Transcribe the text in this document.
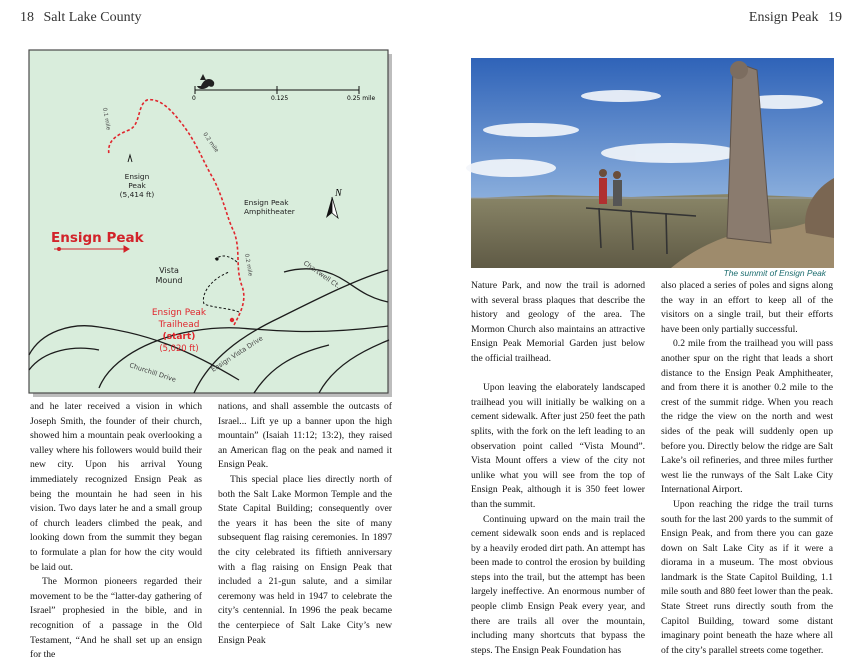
18 Salt Lake County	Ensign Peak 19
0	0.125	0.25 mile
N
Ensign Peak
Ensign
Peak
(5,414 ft)
Ensign Peak
Amphitheater
Vista
Mound
Ensign Peak
Trailhead
(start)
(5,020 ft)
0.1 mile
0.2 mile
0.2 mile	Chartwell Ct.
Ensign Vista Drive
Churchill Drive
The summit of Ensign Peak

and he later received a vision in which Joseph Smith, the founder of their church, showed him a mountain peak overlooking a valley where his followers would build their new city. Upon his arrival Young immediately recognized Ensign Peak as being the mountain he had seen in his vision. Two days later he and a small group of church leaders climbed the peak, and looking down from the summit they began to formulate a plan for how the city would be laid out.

The Mormon pioneers regarded their movement to be the “latter-day gathering of Israel” prophesied in the bible, and in recognition of a passage in the Old Testament, “And he shall set up an ensign for the

nations, and shall assemble the outcasts of Israel... Lift ye up a banner upon the high mountain” (Isaiah 11:12; 13:2), they raised an American flag on the peak and named it Ensign Peak.

This special place lies directly north of both the Salt Lake Mormon Temple and the State Capital Building; consequently over the years it has been the site of many subsequent flag raising ceremonies. In 1897 the city celebrated its fiftieth anniversary with a flag raising on Ensign Peak that included a 21-gun salute, and a similar ceremony was held in 1947 to celebrate the city’s centennial. In 1996 the peak became the centerpiece of Salt Lake City’s new Ensign Peak

Nature Park, and now the trail is adorned with several brass plaques that describe the history and geology of the area. The Mormon Church also maintains an attractive Ensign Peak Memorial Garden just below the official trailhead.

Upon leaving the elaborately landscaped trailhead you will initially be walking on a cement sidewalk. After just 250 feet the path splits, with the fork on the left leading to an observation point called “Vista Mound”. Vista Mount offers a view of the city not unlike what you will see from the top of Ensign Peak, although it is 350 feet lower than the summit.

Continuing upward on the main trail the cement sidewalk soon ends and is replaced by a heavily eroded dirt path. An attempt has been made to control the erosion by building steps into the trail, but the attempt has been largely ineffective. An enormous number of people climb Ensign Peak every year, and there are trails all over the mountain, including many shortcuts that bypass the steps. The Ensign Peak Foundation has

also placed a series of poles and signs along the way in an effort to keep all of the visitors on a single trail, but their efforts have been only partially successful.

0.2 mile from the trailhead you will pass another spur on the right that leads a short distance to the Ensign Peak Amphitheater, and from there it is another 0.2 mile to the crest of the summit ridge. When you reach the ridge the view on the north and west sides of the peak will suddenly open up before you. Directly below the ridge are Salt Lake’s oil refineries, and three miles further west lie the runways of the Salt Lake City International Airport.

Upon reaching the ridge the trail turns south for the last 200 yards to the summit of Ensign Peak, and from there you can gaze down on Salt Lake City as if it were a diorama in a museum. The most obvious landmark is the State Capitol Building, 1.1 mile south and 880 feet lower than the peak. State Street runs directly south from the Capitol Building, toward some distant imaginary point beneath the haze where all of the city’s parallel streets come together.
